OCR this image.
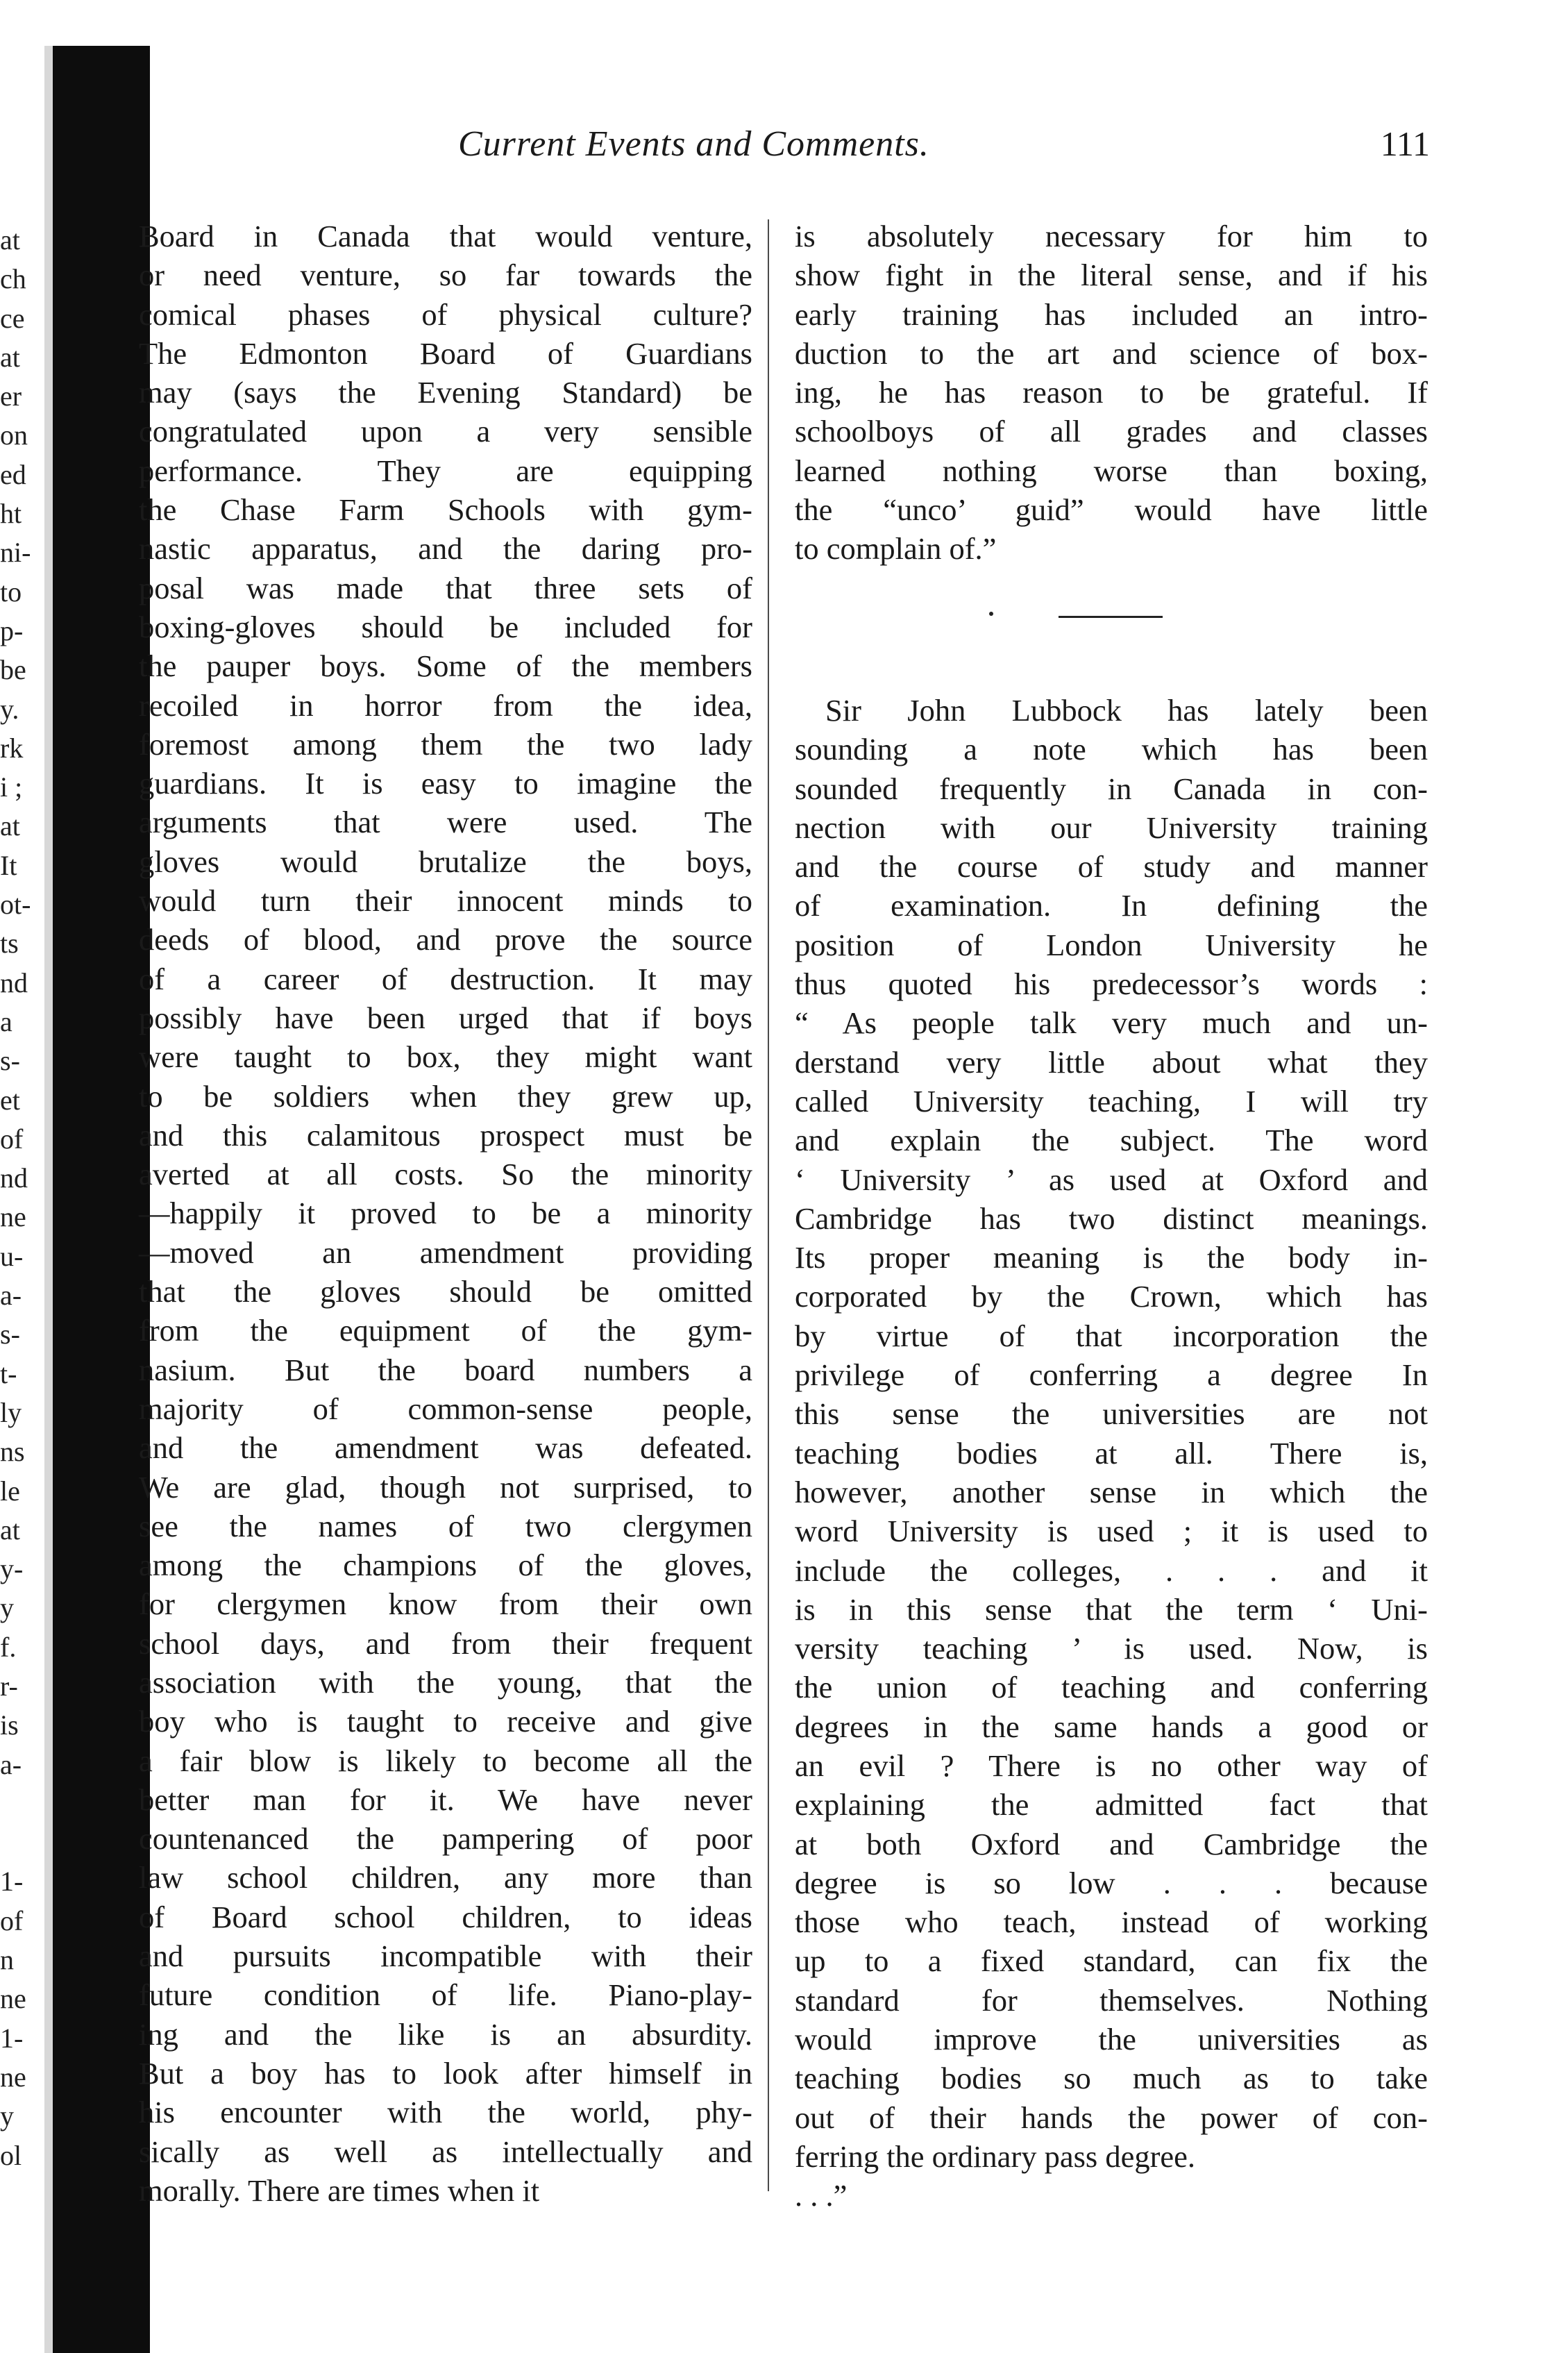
at
ch
ce
at
er
on
ed
ht
ni-
to
p-
be
y.
rk
i ;
at
It
ot-
ts
nd
a
s-
et
of
nd
ne
u-
a-
s-
t-
ly
ns
le
at
y-
y
f.
r-
is
a-
1-
of
n
ne
1-
ne
y
ol
Current Events and Comments.	111
Board in Canada that would venture,
or need venture, so far towards the
comical phases of physical culture?
The Edmonton Board of Guardians
may (says the Evening Standard) be
congratulated upon a very sensible
performance. They are equipping
the Chase Farm Schools with gym-
nastic apparatus, and the daring pro-
posal was made that three sets of
boxing-gloves should be included for
the pauper boys. Some of the members
recoiled in horror from the idea,
foremost among them the two lady
guardians. It is easy to imagine the
arguments that were used. The
gloves would brutalize the boys,
would turn their innocent minds to
deeds of blood, and prove the source
of a career of destruction. It may
possibly have been urged that if boys
were taught to box, they might want
to be soldiers when they grew up,
and this calamitous prospect must be
averted at all costs. So the minority
—happily it proved to be a minority
—moved an amendment providing
that the gloves should be omitted
from the equipment of the gym-
nasium. But the board numbers a
majority of common-sense people,
and the amendment was defeated.
We are glad, though not surprised, to
see the names of two clergymen
among the champions of the gloves,
for clergymen know from their own
school days, and from their frequent
association with the young, that the
boy who is taught to receive and give
a fair blow is likely to become all the
better man for it. We have never
countenanced the pampering of poor
law school children, any more than
of Board school children, to ideas
and pursuits incompatible with their
future condition of life. Piano-play-
ing and the like is an absurdity.
But a boy has to look after himself in
his encounter with the world, phy-
sically as well as intellectually and
morally. There are times when it
is absolutely necessary for him to
show fight in the literal sense, and if his
early training has included an intro-
duction to the art and science of box-
ing, he has reason to be grateful. If
schoolboys of all grades and classes
learned nothing worse than boxing,
the “unco’ guid” would have little
to complain of.”
Sir John Lubbock has lately been
sounding a note which has been
sounded frequently in Canada in con-
nection with our University training
and the course of study and manner
of examination. In defining the
position of London University he
thus quoted his predecessor’s words :
“ As people talk very much and un-
derstand very little about what they
called University teaching, I will try
and explain the subject. The word
‘ University ’ as used at Oxford and
Cambridge has two distinct meanings.
Its proper meaning is the body in-
corporated by the Crown, which has
by virtue of that incorporation the
privilege of conferring a degree In
this sense the universities are not
teaching bodies at all. There is,
however, another sense in which the
word University is used ; it is used to
include the colleges, . . . and it
is in this sense that the term ‘ Uni-
versity teaching ’ is used. Now, is
the union of teaching and conferring
degrees in the same hands a good or
an evil ? There is no other way of
explaining the admitted fact that
at both Oxford and Cambridge the
degree is so low . . . because
those who teach, instead of working
up to a fixed standard, can fix the
standard for themselves. Nothing
would improve the universities as
teaching bodies so much as to take
out of their hands the power of con-
ferring the ordinary pass degree.
. . .”
